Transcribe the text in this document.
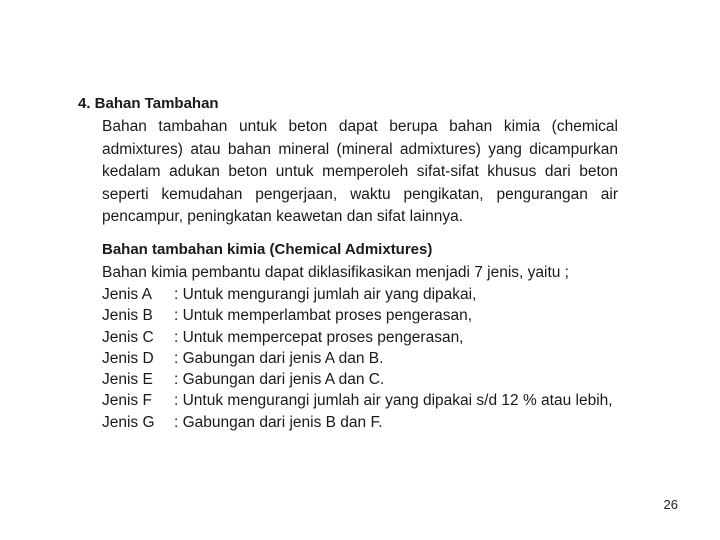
4. Bahan Tambahan

Bahan tambahan untuk beton dapat berupa bahan kimia (chemical admixtures) atau bahan mineral (mineral admixtures) yang dicampurkan kedalam adukan beton untuk memperoleh sifat-sifat khusus dari beton seperti kemudahan pengerjaan, waktu pengikatan, pengurangan air pencampur, peningkatan keawetan dan sifat lainnya.

Bahan tambahan kimia (Chemical Admixtures)
Bahan kimia pembantu dapat diklasifikasikan menjadi 7 jenis, yaitu ;
Jenis A : Untuk mengurangi jumlah air yang dipakai,
Jenis B : Untuk memperlambat proses pengerasan,
Jenis C : Untuk mempercepat proses pengerasan,
Jenis D : Gabungan dari jenis A dan B.
Jenis E : Gabungan dari jenis A dan C.
Jenis F : Untuk mengurangi jumlah air yang dipakai s/d 12 % atau lebih,
Jenis G : Gabungan dari jenis B dan F.
26
